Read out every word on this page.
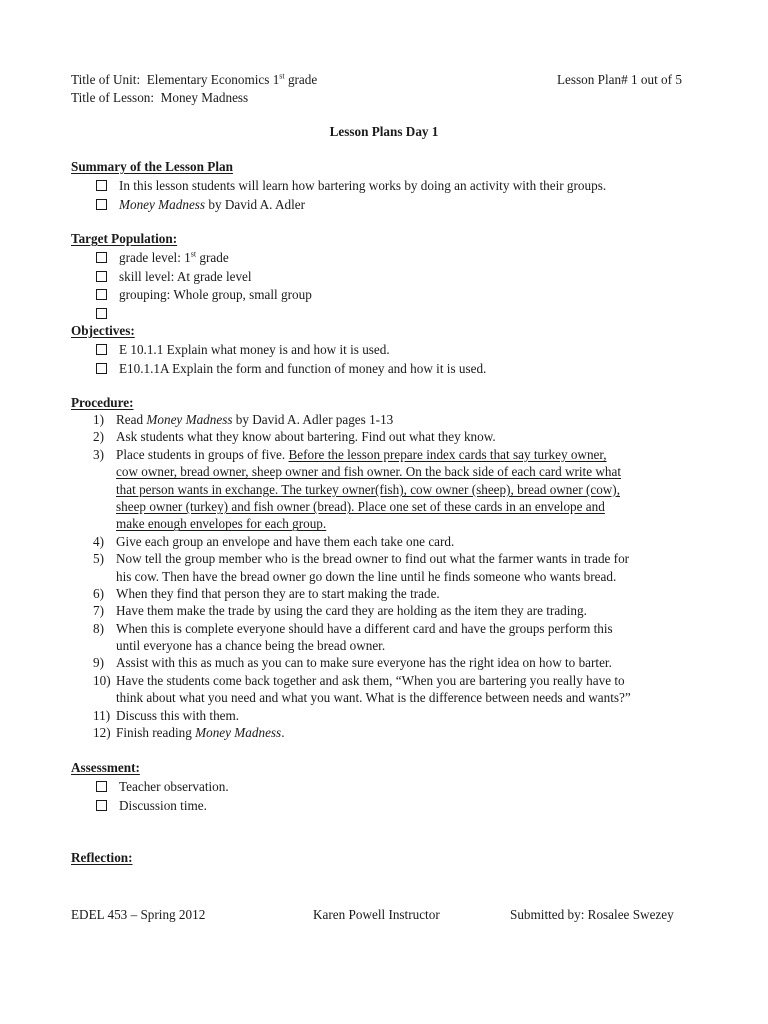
Title of Unit: Elementary Economics 1st grade	Lesson Plan# 1 out of 5
Title of Lesson: Money Madness
Lesson Plans Day 1
Summary of the Lesson Plan
In this lesson students will learn how bartering works by doing an activity with their groups.
Money Madness by David A. Adler
Target Population:
grade level: 1st grade
skill level: At grade level
grouping: Whole group, small group
Objectives:
E 10.1.1 Explain what money is and how it is used.
E10.1.1A Explain the form and function of money and how it is used.
Procedure:
1) Read Money Madness by David A. Adler pages 1-13
2) Ask students what they know about bartering. Find out what they know.
3) Place students in groups of five. Before the lesson prepare index cards that say turkey owner,
cow owner, bread owner, sheep owner and fish owner. On the back side of each card write what
that person wants in exchange. The turkey owner(fish), cow owner (sheep), bread owner (cow),
sheep owner (turkey) and fish owner (bread). Place one set of these cards in an envelope and
make enough envelopes for each group.
4) Give each group an envelope and have them each take one card.
5) Now tell the group member who is the bread owner to find out what the farmer wants in trade for
his cow. Then have the bread owner go down the line until he finds someone who wants bread.
6) When they find that person they are to start making the trade.
7) Have them make the trade by using the card they are holding as the item they are trading.
8) When this is complete everyone should have a different card and have the groups perform this
until everyone has a chance being the bread owner.
9) Assist with this as much as you can to make sure everyone has the right idea on how to barter.
10) Have the students come back together and ask them, “When you are bartering you really have to
think about what you need and what you want. What is the difference between needs and wants?”
11) Discuss this with them.
12) Finish reading Money Madness.
Assessment:
Teacher observation.
Discussion time.
Reflection:
EDEL 453 – Spring 2012	Karen Powell Instructor	Submitted by: Rosalee Swezey
